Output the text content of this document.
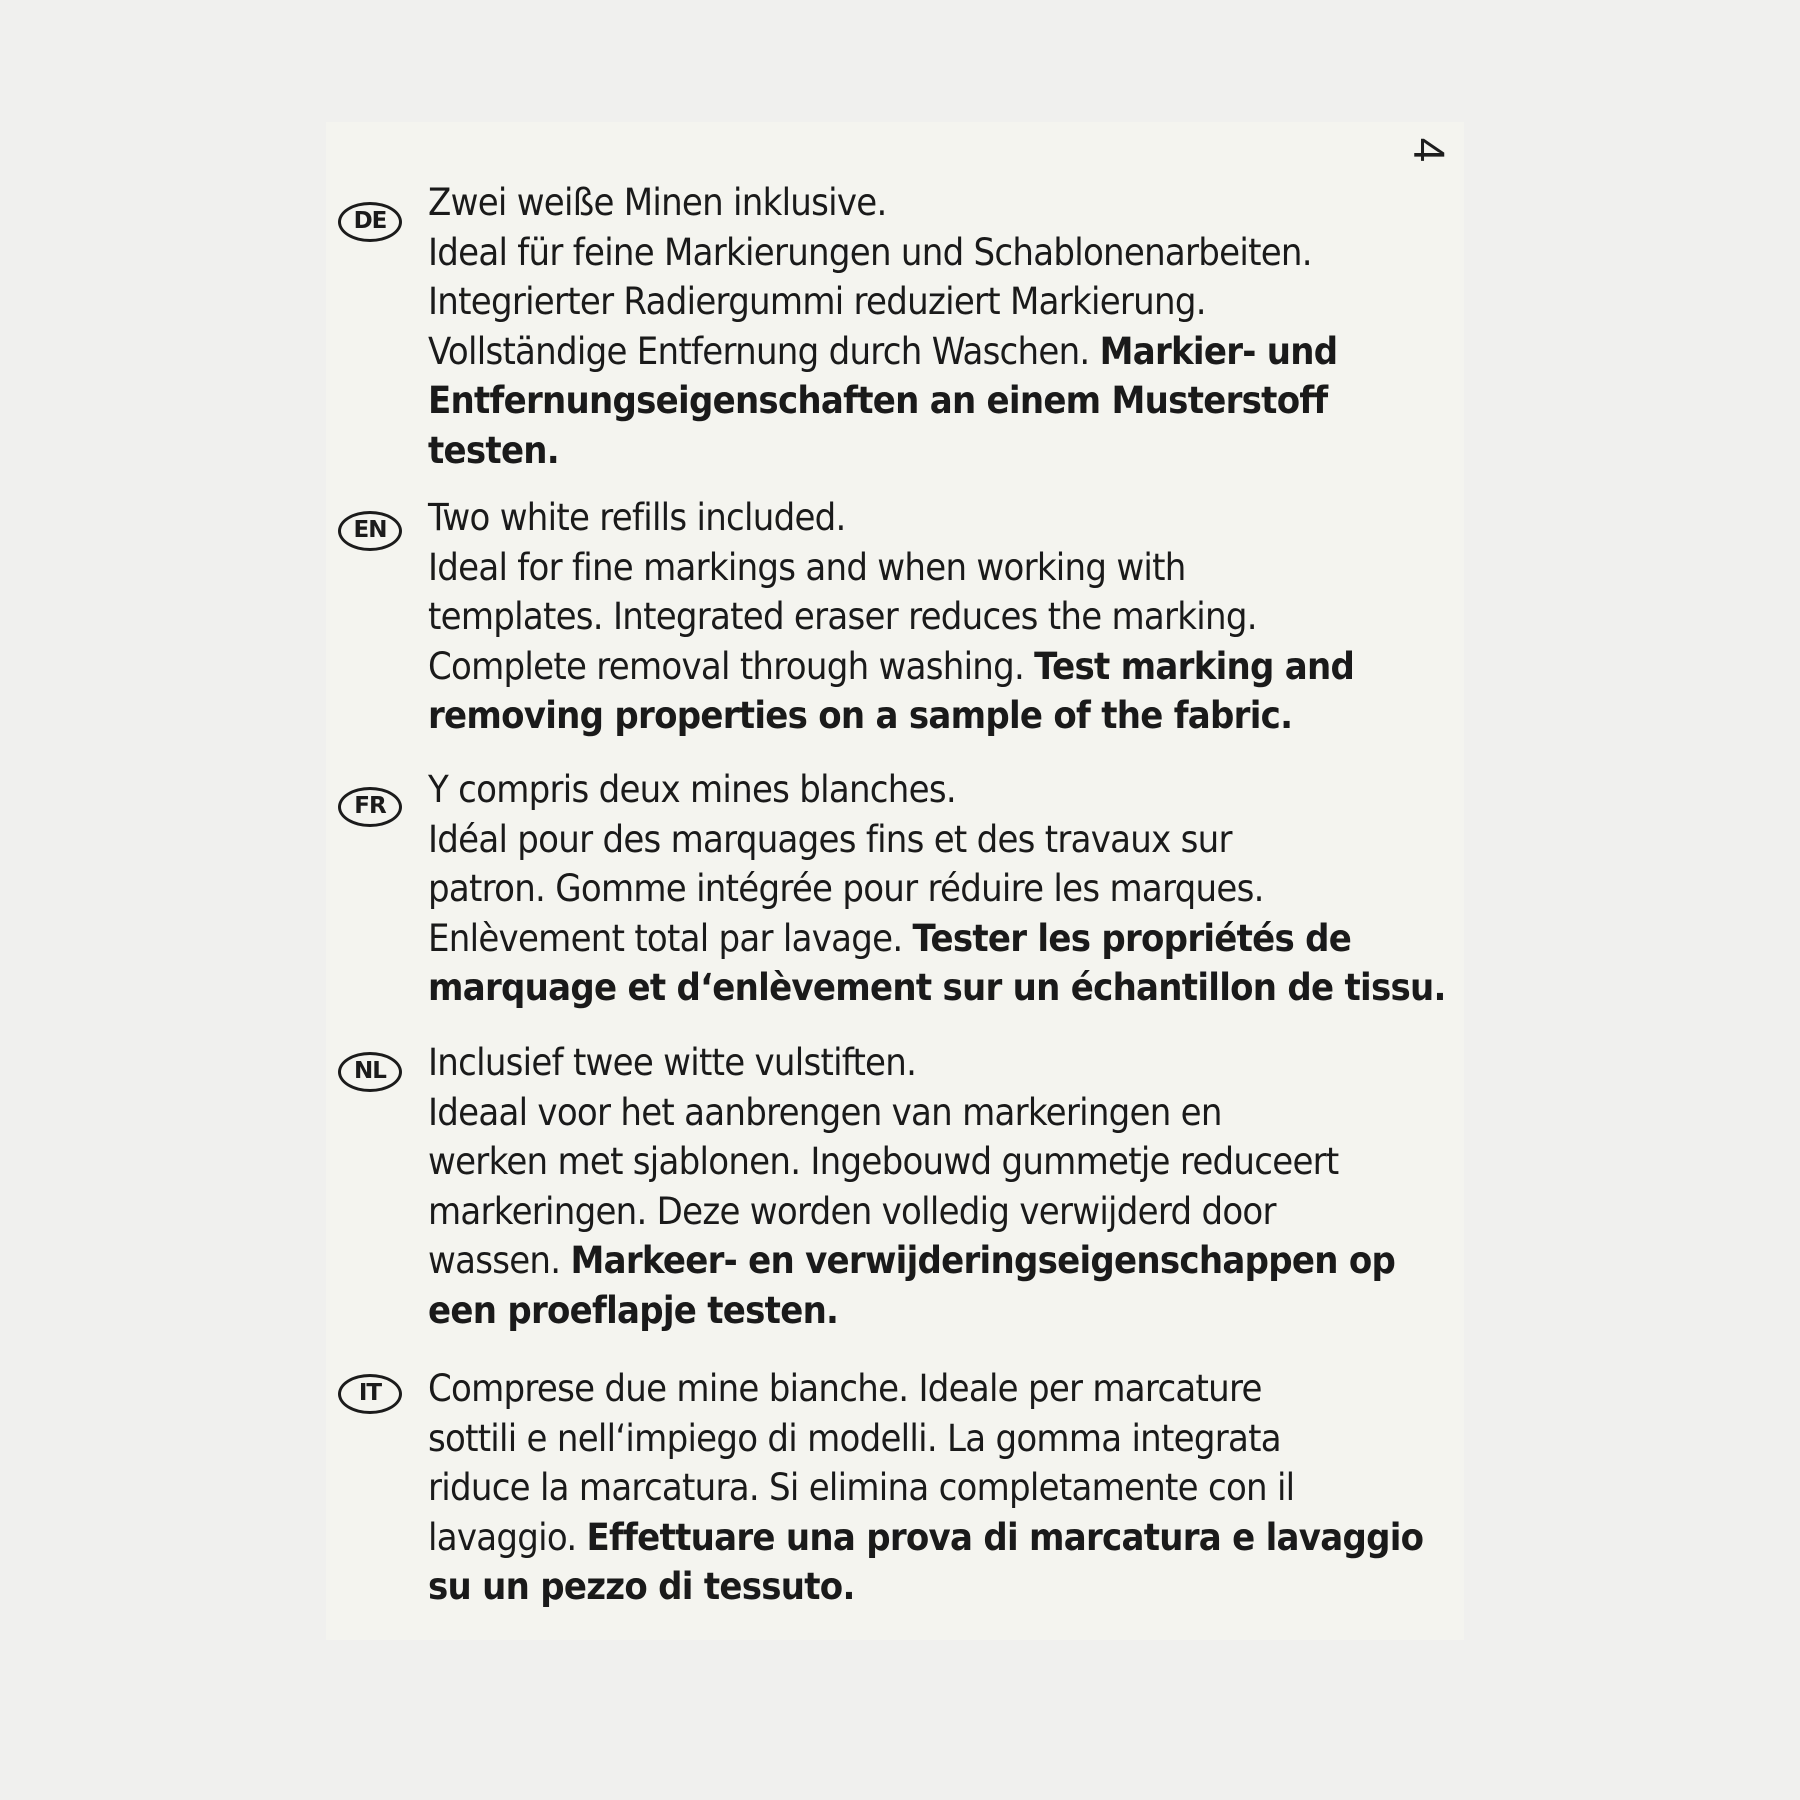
4
DE	Zwei weiße Minen inklusive.
Ideal für feine Markierungen und Schablonenarbeiten.
Integrierter Radiergummi reduziert Markierung.
Vollständige Entfernung durch Waschen. Markier- und
Entfernungseigenschaften an einem Musterstoff
testen.
EN	Two white refills included.
Ideal for fine markings and when working with
templates. Integrated eraser reduces the marking.
Complete removal through washing. Test marking and
removing properties on a sample of the fabric.
FR	Y compris deux mines blanches.
Idéal pour des marquages fins et des travaux sur
patron. Gomme intégrée pour réduire les marques.
Enlèvement total par lavage. Tester les propriétés de
marquage et d‘enlèvement sur un échantillon de tissu.
NL	Inclusief twee witte vulstiften.
Ideaal voor het aanbrengen van markeringen en
werken met sjablonen. Ingebouwd gummetje reduceert
markeringen. Deze worden volledig verwijderd door
wassen. Markeer- en verwijderingseigenschappen op
een proeflapje testen.
IT	Comprese due mine bianche. Ideale per marcature
sottili e nell‘impiego di modelli. La gomma integrata
riduce la marcatura. Si elimina completamente con il
lavaggio. Effettuare una prova di marcatura e lavaggio
su un pezzo di tessuto.
